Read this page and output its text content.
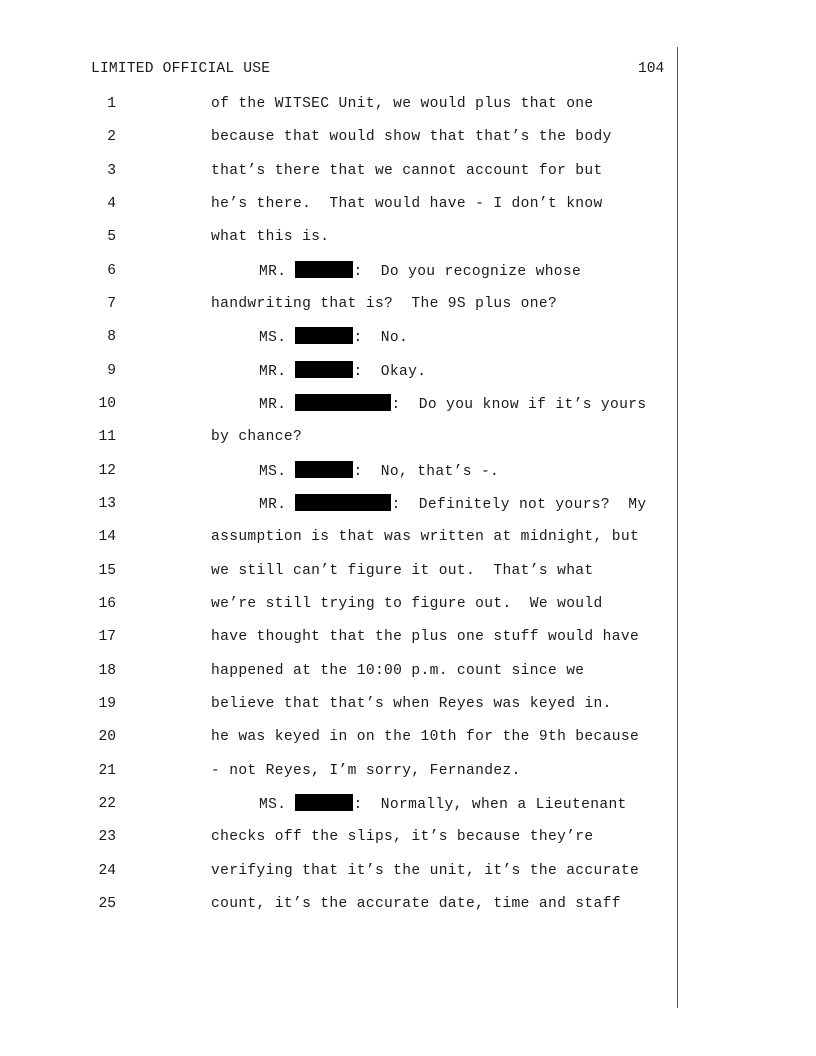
LIMITED OFFICIAL USE	104
1	of the WITSEC Unit, we would plus that one
2	because that would show that that’s the body
3	that’s there that we cannot account for but
4	he’s there.  That would have - I don’t know
5	what this is.
6	MR.	:  Do you recognize whose
7	handwriting that is?  The 9S plus one?
8	MS.	:  No.
9	MR.	:  Okay.
10	MR.	:  Do you know if it’s yours
11	by chance?
12	MS.	:  No, that’s -.
13	MR.	:  Definitely not yours?  My
14	assumption is that was written at midnight, but
15	we still can’t figure it out.  That’s what
16	we’re still trying to figure out.  We would
17	have thought that the plus one stuff would have
18	happened at the 10:00 p.m. count since we
19	believe that that’s when Reyes was keyed in.
20	he was keyed in on the 10th for the 9th because
21	- not Reyes, I’m sorry, Fernandez.
22	MS.	:  Normally, when a Lieutenant
23	checks off the slips, it’s because they’re
24	verifying that it’s the unit, it’s the accurate
25	count, it’s the accurate date, time and staff
